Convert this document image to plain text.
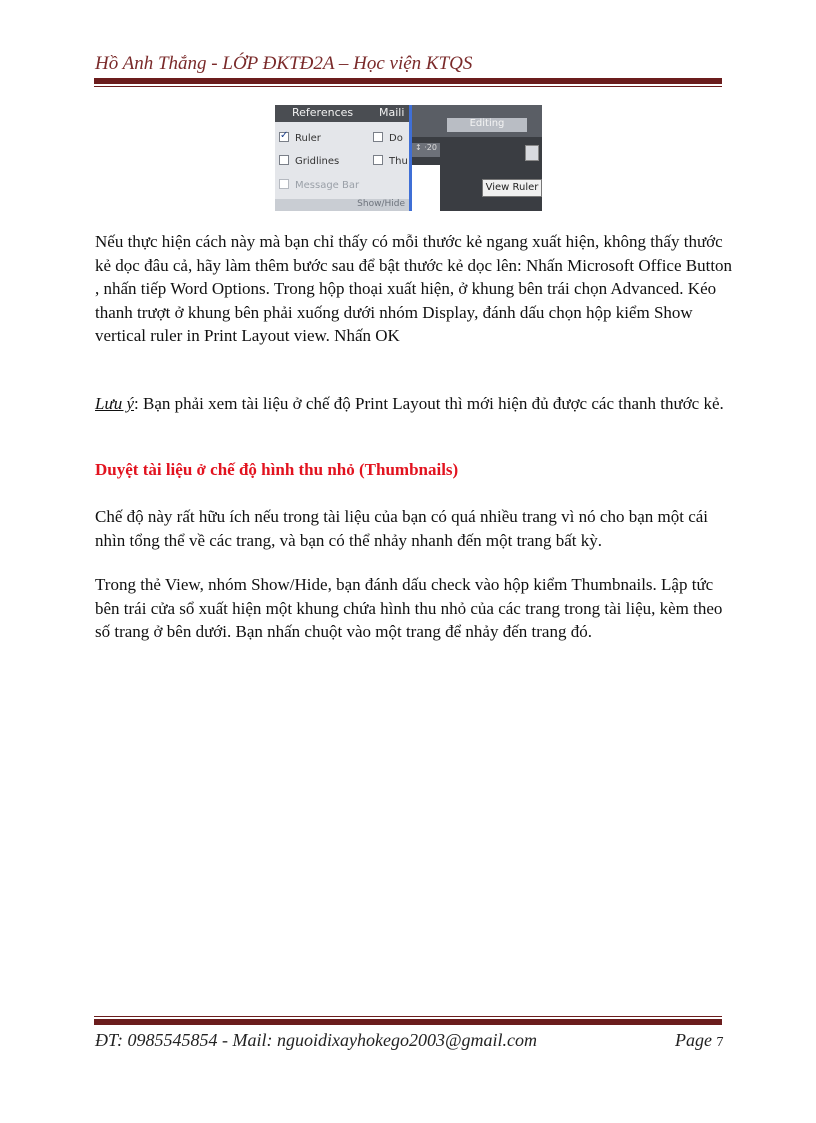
Hồ Anh Thắng - LỚP ĐKTĐ2A – Học viện KTQS
References Maili
✓Ruler	Do
Gridlines	Thu
Message Bar
Show/Hide
Editing
↕ ·20
View Ruler
Nếu thực hiện cách này mà bạn chỉ thấy có mỗi thước kẻ ngang xuất hiện, không thấy thước kẻ dọc đâu cả, hãy làm thêm bước sau để bật thước kẻ dọc lên: Nhấn Microsoft Office Button , nhấn tiếp Word Options. Trong hộp thoại xuất hiện, ở khung bên trái chọn Advanced. Kéo thanh trượt ở khung bên phải xuống dưới nhóm Display, đánh dấu chọn hộp kiểm Show vertical ruler in Print Layout view. Nhấn OK
Lưu ý: Bạn phải xem tài liệu ở chế độ Print Layout thì mới hiện đủ được các thanh thước kẻ.
Duyệt tài liệu ở chế độ hình thu nhỏ (Thumbnails)
Chế độ này rất hữu ích nếu trong tài liệu của bạn có quá nhiều trang vì nó cho bạn một cái nhìn tổng thể về các trang, và bạn có thể nhảy nhanh đến một trang bất kỳ.
Trong thẻ View, nhóm Show/Hide, bạn đánh dấu check vào hộp kiểm Thumbnails. Lập tức bên trái cửa sổ xuất hiện một khung chứa hình thu nhỏ của các trang trong tài liệu, kèm theo số trang ở bên dưới. Bạn nhấn chuột vào một trang để nhảy đến trang đó.
ĐT: 0985545854 - Mail: nguoidixayhokego2003@gmail.com	Page 7
